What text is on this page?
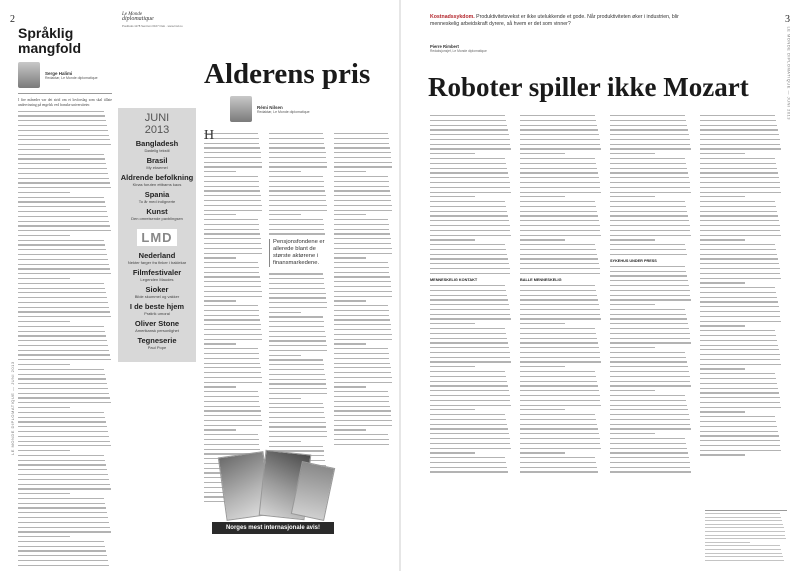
2
LE MONDE DIPLOMATIQUE — JUNI 2013
Språklig mangfold
Serge Halimi
Redaktør, Le Monde diplomatique

I fire måneder var det strid om et lovforslag som skal tillate undervisning på engelsk ved franske universiteter.

Le Monde
diplomatique
Postboks 1178 Sentrum 0107 Oslo · www.lmd.no
JUNI
2013
Bangladesh
Dødelig tekstil
Brasil
My eksemel
Aldrende befolkning
Kinas foruten ettbarns kaos
Spania
To år med indignerte
Kunst
Den omreisende pavblingsen
LMD
Nederland
Nekter farger fra finker i baklekar
Filmfestivaler
Legenden Maudes
Sioker
Bilde skummel og vakker
I de beste hjem
Pratirik umoral
Oliver Stone
Amerikansk personlighet
Tegneserie
Paul Pope
Alderens pris
Rémi Nilsen
Redaktør, Le Monde diplomatique
H
Pensjonsfondene er allerede blant de største aktørene i finansmarkedene.
Norges mest internasjonale avis!
3
LE MONDE DIPLOMATIQUE — JUNI 2013
Kostnadssykdom. Produktivitetsvekst er ikke utelukkende et gode. Når produktiviteten øker i industrien, blir menneskelig arbeidskraft dyrere, så hvem er det som vinner?
Pierre Rimbert
Redaksjonsjef, Le Monde diplomatique
Roboter spiller ikke Mozart
MENNESKELIG KONTAKT	BALLE MENNESKELIG
SYKEHUS UNDER PRESS
